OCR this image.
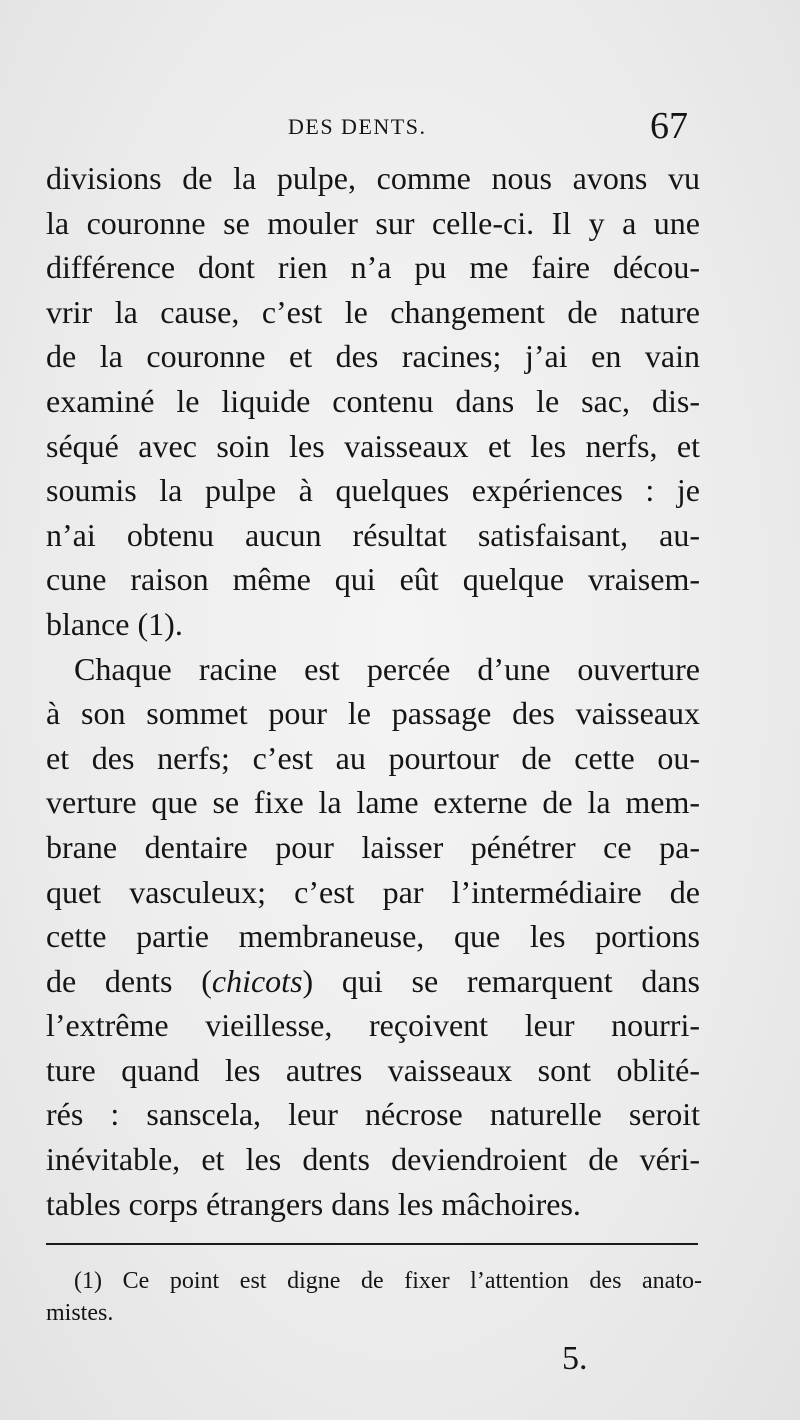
DES DENTS.	67
divisions de la pulpe, comme nous avons vu
la couronne se mouler sur celle-ci. Il y a une
différence dont rien n’a pu me faire décou-
vrir la cause, c’est le changement de nature
de la couronne et des racines; j’ai en vain
examiné le liquide contenu dans le sac, dis-
séqué avec soin les vaisseaux et les nerfs, et
soumis la pulpe à quelques expériences : je
n’ai obtenu aucun résultat satisfaisant, au-
cune raison même qui eût quelque vraisem-
blance (1).
Chaque racine est percée d’une ouverture
à son sommet pour le passage des vaisseaux
et des nerfs; c’est au pourtour de cette ou-
verture que se fixe la lame externe de la mem-
brane dentaire pour laisser pénétrer ce pa-
quet vasculeux; c’est par l’intermédiaire de
cette partie membraneuse, que les portions
de dents (chicots) qui se remarquent dans
l’extrême vieillesse, reçoivent leur nourri-
ture quand les autres vaisseaux sont oblité-
rés : sanscela, leur nécrose naturelle seroit
inévitable, et les dents deviendroient de véri-
tables corps étrangers dans les mâchoires.
(1) Ce point est digne de fixer l’attention des anato-
mistes.
5.
